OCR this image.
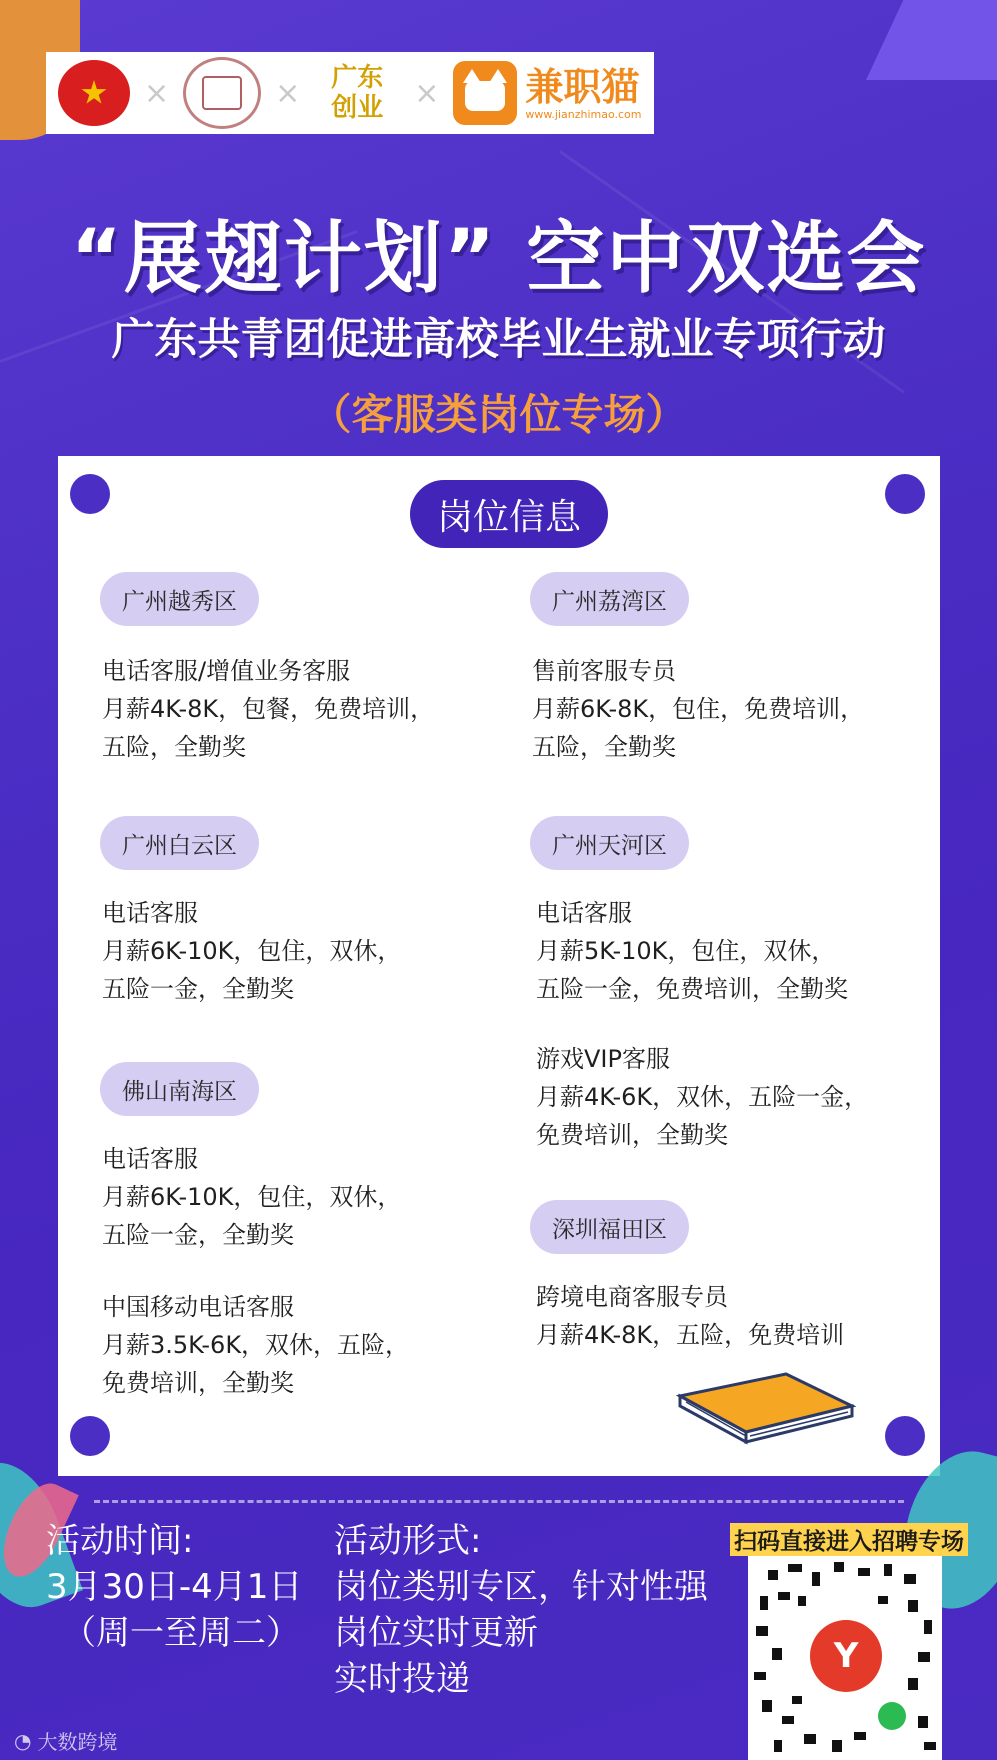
×	× 广东
创业 × 兼职猫
www.jianzhimao.com
“展翅计划” 空中双选会
广东共青团促进高校毕业生就业专项行动
（客服类岗位专场）
岗位信息
广州越秀区
电话客服/增值业务客服
月薪4K-8K，包餐，免费培训，
五险，全勤奖
广州荔湾区
售前客服专员
月薪6K-8K，包住，免费培训，
五险，全勤奖
广州白云区
电话客服
月薪6K-10K，包住，双休，
五险一金，全勤奖
广州天河区
电话客服
月薪5K-10K，包住，双休，
五险一金，免费培训，全勤奖
游戏VIP客服
月薪4K-6K，双休，五险一金，
免费培训，全勤奖
佛山南海区
电话客服
月薪6K-10K，包住，双休，
五险一金，全勤奖
中国移动电话客服
月薪3.5K-6K，双休，五险，
免费培训，全勤奖
深圳福田区
跨境电商客服专员
月薪4K-8K，五险，免费培训
活动时间:
3月30日-4月1日
（周一至周二）
活动形式:
岗位类别专区，针对性强
岗位实时更新
实时投递
扫码直接进入招聘专场
Y
◔ 大数跨境
